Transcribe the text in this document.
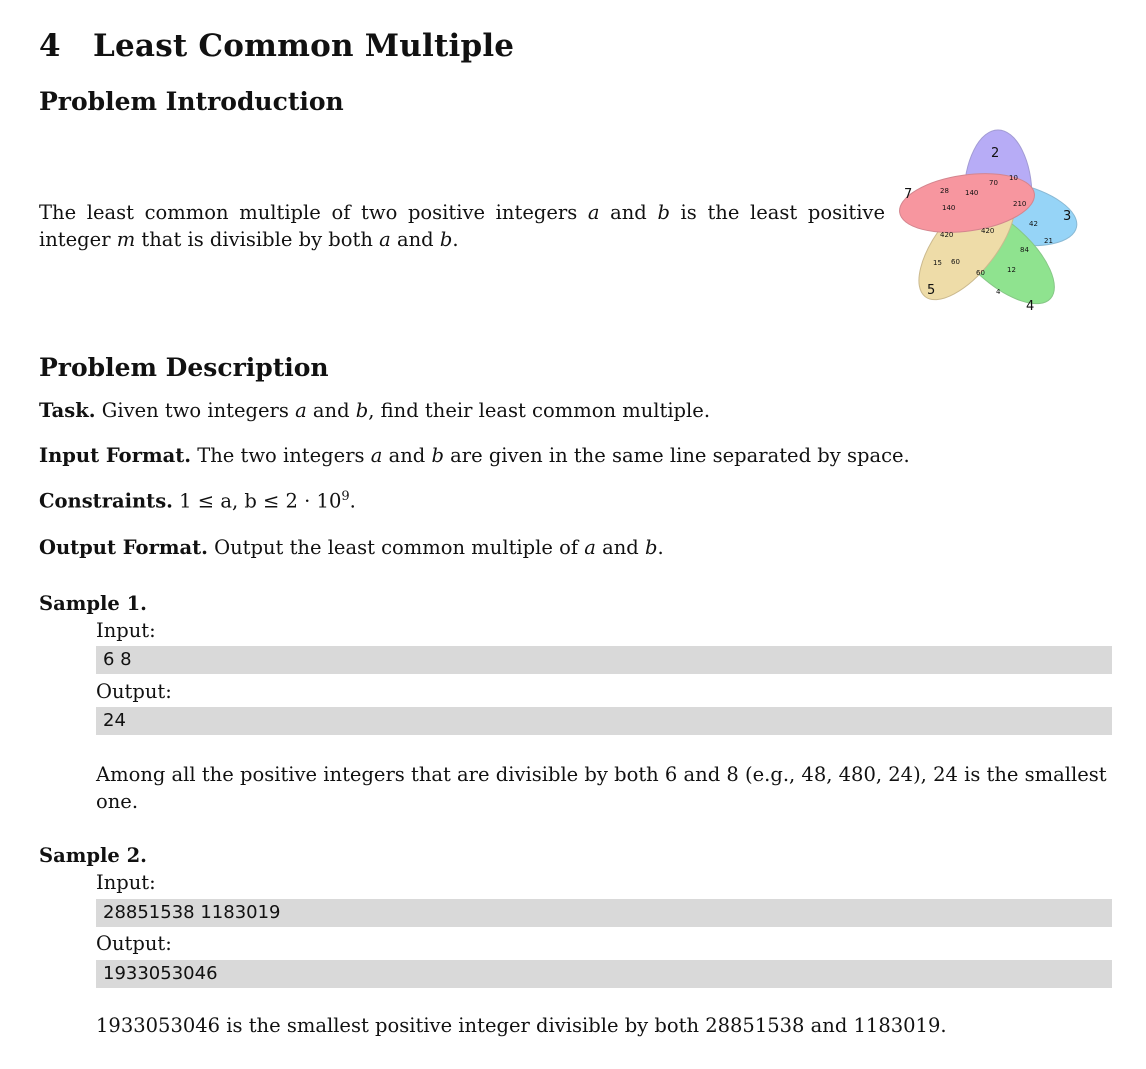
4 Least Common Multiple
Problem Introduction

The least common multiple of two positive integers a and b is the least positive integer m that is divisible by both a and b.

2
3
4
5
7
10
70
140
28
140	210
420
420
42
21
84
12
60
15 60
4
Problem Description

Task. Given two integers a and b, find their least common multiple.

Input Format. The two integers a and b are given in the same line separated by space.

Constraints. 1 ≤ a, $b \le 2 \cdot 10^9$.

Output Format. Output the least common multiple of a and b.

Sample 1.

Input:

6 8

Output:

24

Among all the positive integers that are divisible by both 6 and 8 (e.g., 48, 480, 24), 24 is the smallest one.

Sample 2.

Input:

28851538 1183019

Output:

1933053046

1933053046 is the smallest positive integer divisible by both 28851538 and 1183019.
